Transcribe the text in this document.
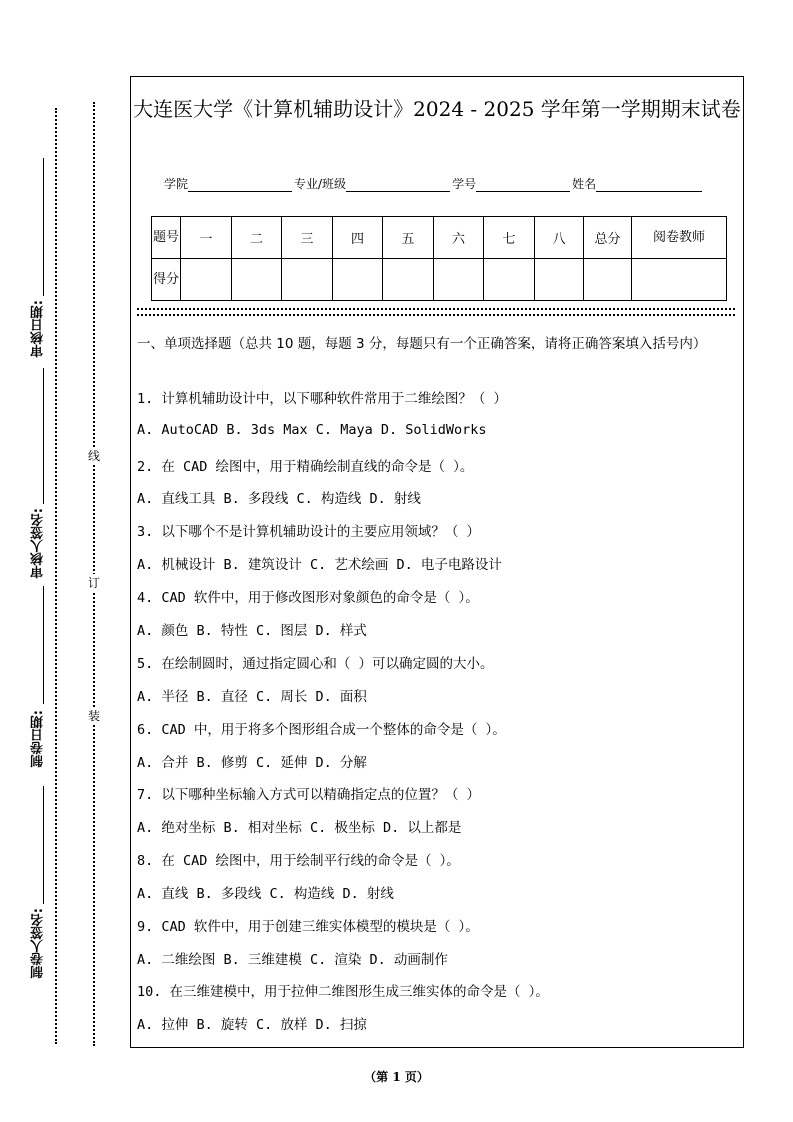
审核日期:
审核人签名:
制卷日期:
制卷人签名:
线
订
装
大连医大学《计算机辅助设计》2024 - 2025 学年第一学期期末试卷
学院	专业/班级	学号	姓名
题号	一	二	三	四	五	六	七	八	总分	阅卷教师
得分										
一、单项选择题（总共 10 题，每题 3 分，每题只有一个正确答案，请将正确答案填入括号内）
1. 计算机辅助设计中，以下哪种软件常用于二维绘图？（ ）
A. AutoCAD B. 3ds Max C. Maya D. SolidWorks
2. 在 CAD 绘图中，用于精确绘制直线的命令是（ ）。
A. 直线工具 B. 多段线 C. 构造线 D. 射线
3. 以下哪个不是计算机辅助设计的主要应用领域？（ ）
A. 机械设计 B. 建筑设计 C. 艺术绘画 D. 电子电路设计
4. CAD 软件中，用于修改图形对象颜色的命令是（ ）。
A. 颜色 B. 特性 C. 图层 D. 样式
5. 在绘制圆时，通过指定圆心和（ ）可以确定圆的大小。
A. 半径 B. 直径 C. 周长 D. 面积
6. CAD 中，用于将多个图形组合成一个整体的命令是（ ）。
A. 合并 B. 修剪 C. 延伸 D. 分解
7. 以下哪种坐标输入方式可以精确指定点的位置？（ ）
A. 绝对坐标 B. 相对坐标 C. 极坐标 D. 以上都是
8. 在 CAD 绘图中，用于绘制平行线的命令是（ ）。
A. 直线 B. 多段线 C. 构造线 D. 射线
9. CAD 软件中，用于创建三维实体模型的模块是（ ）。
A. 二维绘图 B. 三维建模 C. 渲染 D. 动画制作
10. 在三维建模中，用于拉伸二维图形生成三维实体的命令是（ ）。
A. 拉伸 B. 旋转 C. 放样 D. 扫掠
（第 1 页）
